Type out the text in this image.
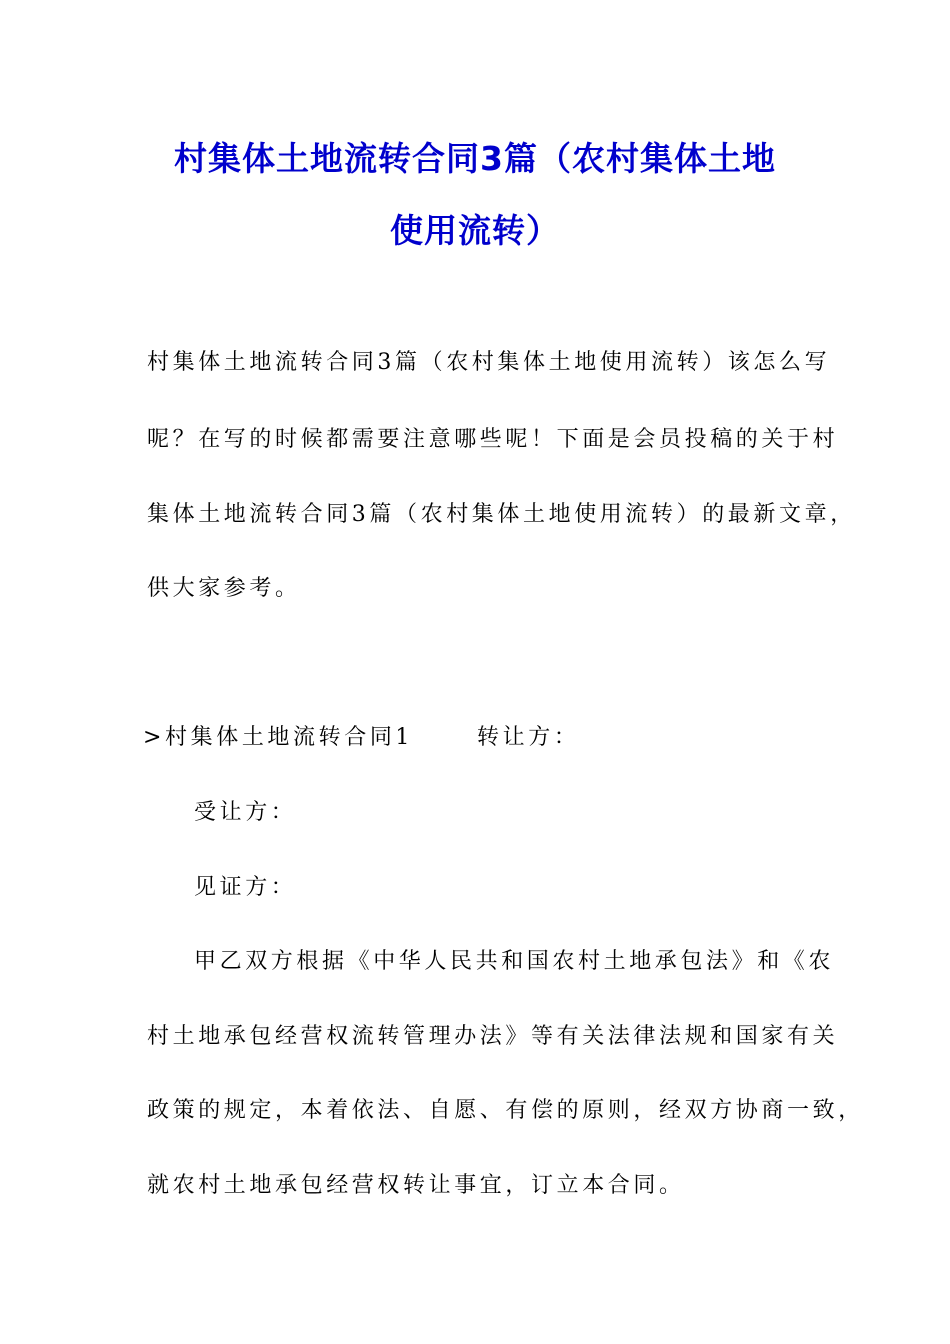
村集体土地流转合同3篇（农村集体土地
使用流转）
村集体土地流转合同3篇（农村集体土地使用流转）该怎么写
呢？在写的时候都需要注意哪些呢！下面是会员投稿的关于村
集体土地流转合同3篇（农村集体土地使用流转）的最新文章，
供大家参考。
>村集体土地流转合同1	转让方：
受让方：
见证方：
甲乙双方根据《中华人民共和国农村土地承包法》和《农
村土地承包经营权流转管理办法》等有关法律法规和国家有关
政策的规定，本着依法、自愿、有偿的原则，经双方协商一致，
就农村土地承包经营权转让事宜，订立本合同。
